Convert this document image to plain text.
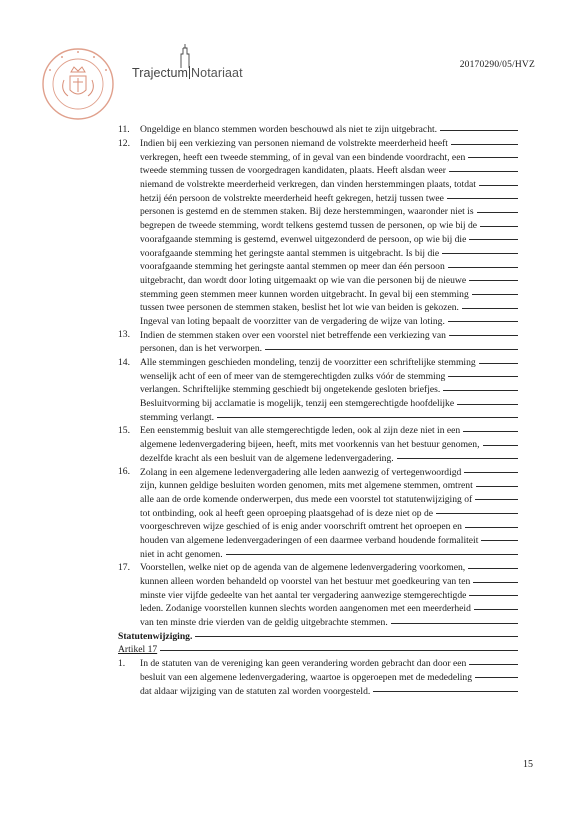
Trajectum Notariaat
20170290/05/HVZ
11. Ongeldige en blanco stemmen worden beschouwd als niet te zijn uitgebracht.
12. Indien bij een verkiezing van personen niemand de volstrekte meerderheid heeft
verkregen, heeft een tweede stemming, of in geval van een bindende voordracht, een
tweede stemming tussen de voorgedragen kandidaten, plaats. Heeft alsdan weer
niemand de volstrekte meerderheid verkregen, dan vinden herstemmingen plaats, totdat
hetzij één persoon de volstrekte meerderheid heeft gekregen, hetzij tussen twee
personen is gestemd en de stemmen staken. Bij deze herstemmingen, waaronder niet is
begrepen de tweede stemming, wordt telkens gestemd tussen de personen, op wie bij de
voorafgaande stemming is gestemd, evenwel uitgezonderd de persoon, op wie bij die
voorafgaande stemming het geringste aantal stemmen is uitgebracht. Is bij die
voorafgaande stemming het geringste aantal stemmen op meer dan één persoon
uitgebracht, dan wordt door loting uitgemaakt op wie van die personen bij de nieuwe
stemming geen stemmen meer kunnen worden uitgebracht. In geval bij een stemming
tussen twee personen de stemmen staken, beslist het lot wie van beiden is gekozen.
Ingeval van loting bepaalt de voorzitter van de vergadering de wijze van loting.
13. Indien de stemmen staken over een voorstel niet betreffende een verkiezing van
personen, dan is het verworpen.
14. Alle stemmingen geschieden mondeling, tenzij de voorzitter een schriftelijke stemming
wenselijk acht of een of meer van de stemgerechtigden zulks vóór de stemming
verlangen. Schriftelijke stemming geschiedt bij ongetekende gesloten briefjes.
Besluitvorming bij acclamatie is mogelijk, tenzij een stemgerechtigde hoofdelijke
stemming verlangt.
15. Een eenstemmig besluit van alle stemgerechtigde leden, ook al zijn deze niet in een
algemene ledenvergadering bijeen, heeft, mits met voorkennis van het bestuur genomen,
dezelfde kracht als een besluit van de algemene ledenvergadering.
16. Zolang in een algemene ledenvergadering alle leden aanwezig of vertegenwoordigd
zijn, kunnen geldige besluiten worden genomen, mits met algemene stemmen, omtrent
alle aan de orde komende onderwerpen, dus mede een voorstel tot statutenwijziging of
tot ontbinding, ook al heeft geen oproeping plaatsgehad of is deze niet op de
voorgeschreven wijze geschied of is enig ander voorschrift omtrent het oproepen en
houden van algemene ledenvergaderingen of een daarmee verband houdende formaliteit
niet in acht genomen.
17. Voorstellen, welke niet op de agenda van de algemene ledenvergadering voorkomen,
kunnen alleen worden behandeld op voorstel van het bestuur met goedkeuring van ten
minste vier vijfde gedeelte van het aantal ter vergadering aanwezige stemgerechtigde
leden. Zodanige voorstellen kunnen slechts worden aangenomen met een meerderheid
van ten minste drie vierden van de geldig uitgebrachte stemmen.
Statutenwijziging.
Artikel 17
1. In de statuten van de vereniging kan geen verandering worden gebracht dan door een
besluit van een algemene ledenvergadering, waartoe is opgeroepen met de mededeling
dat aldaar wijziging van de statuten zal worden voorgesteld.
15
